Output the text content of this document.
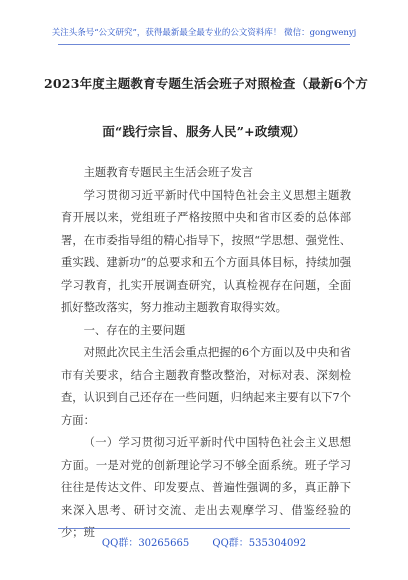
关注头条号“公文研究”，获得最新最全最专业的公文资料库！ 微信：gongwenyj
2023年度主题教育专题生活会班子对照检查（最新6个方
面“践行宗旨、服务人民”+政绩观）

主题教育专题民主生活会班子发言

学习贯彻习近平新时代中国特色社会主义思想主题教育开展以来，党组班子严格按照中央和省市区委的总体部署，在市委指导组的精心指导下，按照“学思想、强党性、重实践、建新功”的总要求和五个方面具体目标，持续加强学习教育，扎实开展调查研究，认真检视存在问题，全面抓好整改落实，努力推动主题教育取得实效。

一、存在的主要问题

对照此次民主生活会重点把握的6个方面以及中央和省市有关要求，结合主题教育整改整治，对标对表、深刻检查，认识到自己还存在一些问题，归纳起来主要有以下7个方面：

（一）学习贯彻习近平新时代中国特色社会主义思想方面。一是对党的创新理论学习不够全面系统。班子学习往往是传达文件、印发要点、普遍性强调的多，真正静下来深入思考、研讨交流、走出去观摩学习、借鉴经验的少；班

QQ群：30265665 QQ群：535304092
